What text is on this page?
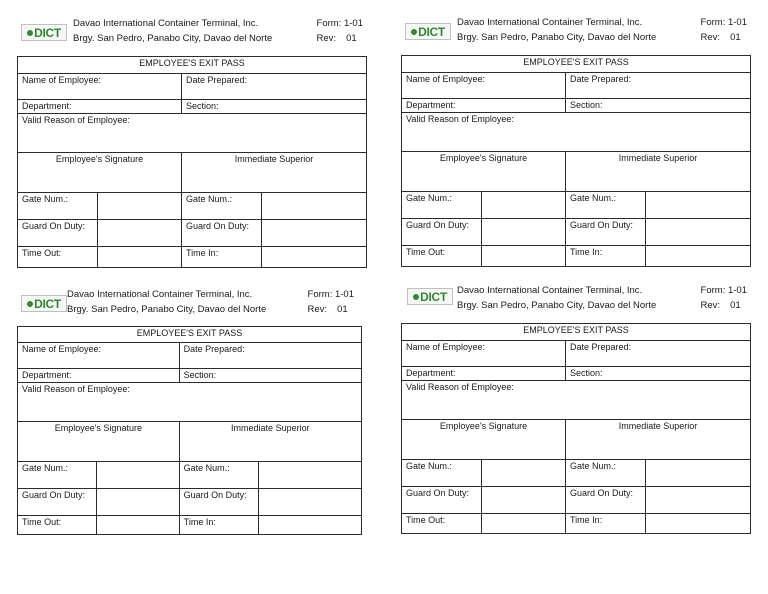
DICT
Davao International Container Terminal, Inc.
Brgy. San Pedro, Panabo City, Davao del Norte
Form: 1-01
Rev: 01
EMPLOYEE'S EXIT PASS			
Name of Employee:		Date Prepared:	
Department:		Section:	
Valid Reason of Employee:			
Employee's Signature		Immediate Superior	
Gate Num.:		Gate Num.:	
Guard On Duty:		Guard On Duty:	
Time Out:		Time In:	
DICT
Davao International Container Terminal, Inc.
Brgy. San Pedro, Panabo City, Davao del Norte
Form: 1-01
Rev: 01
EMPLOYEE'S EXIT PASS			
Name of Employee:		Date Prepared:	
Department:		Section:	
Valid Reason of Employee:			
Employee's Signature		Immediate Superior	
Gate Num.:		Gate Num.:	
Guard On Duty:		Guard On Duty:	
Time Out:		Time In:	
DICT
Davao International Container Terminal, Inc.
Brgy. San Pedro, Panabo City, Davao del Norte
Form: 1-01
Rev: 01
EMPLOYEE'S EXIT PASS			
Name of Employee:		Date Prepared:	
Department:		Section:	
Valid Reason of Employee:			
Employee's Signature		Immediate Superior	
Gate Num.:		Gate Num.:	
Guard On Duty:		Guard On Duty:	
Time Out:		Time In:	
DICT Davao International Container Terminal, Inc.
Brgy. San Pedro, Panabo City, Davao del Norte
Form: 1-01
Rev: 01
EMPLOYEE'S EXIT PASS			
Name of Employee:		Date Prepared:	
Department:		Section:	
Valid Reason of Employee:			
Employee's Signature		Immediate Superior	
Gate Num.:		Gate Num.:	
Guard On Duty:		Guard On Duty:	
Time Out:		Time In:	
